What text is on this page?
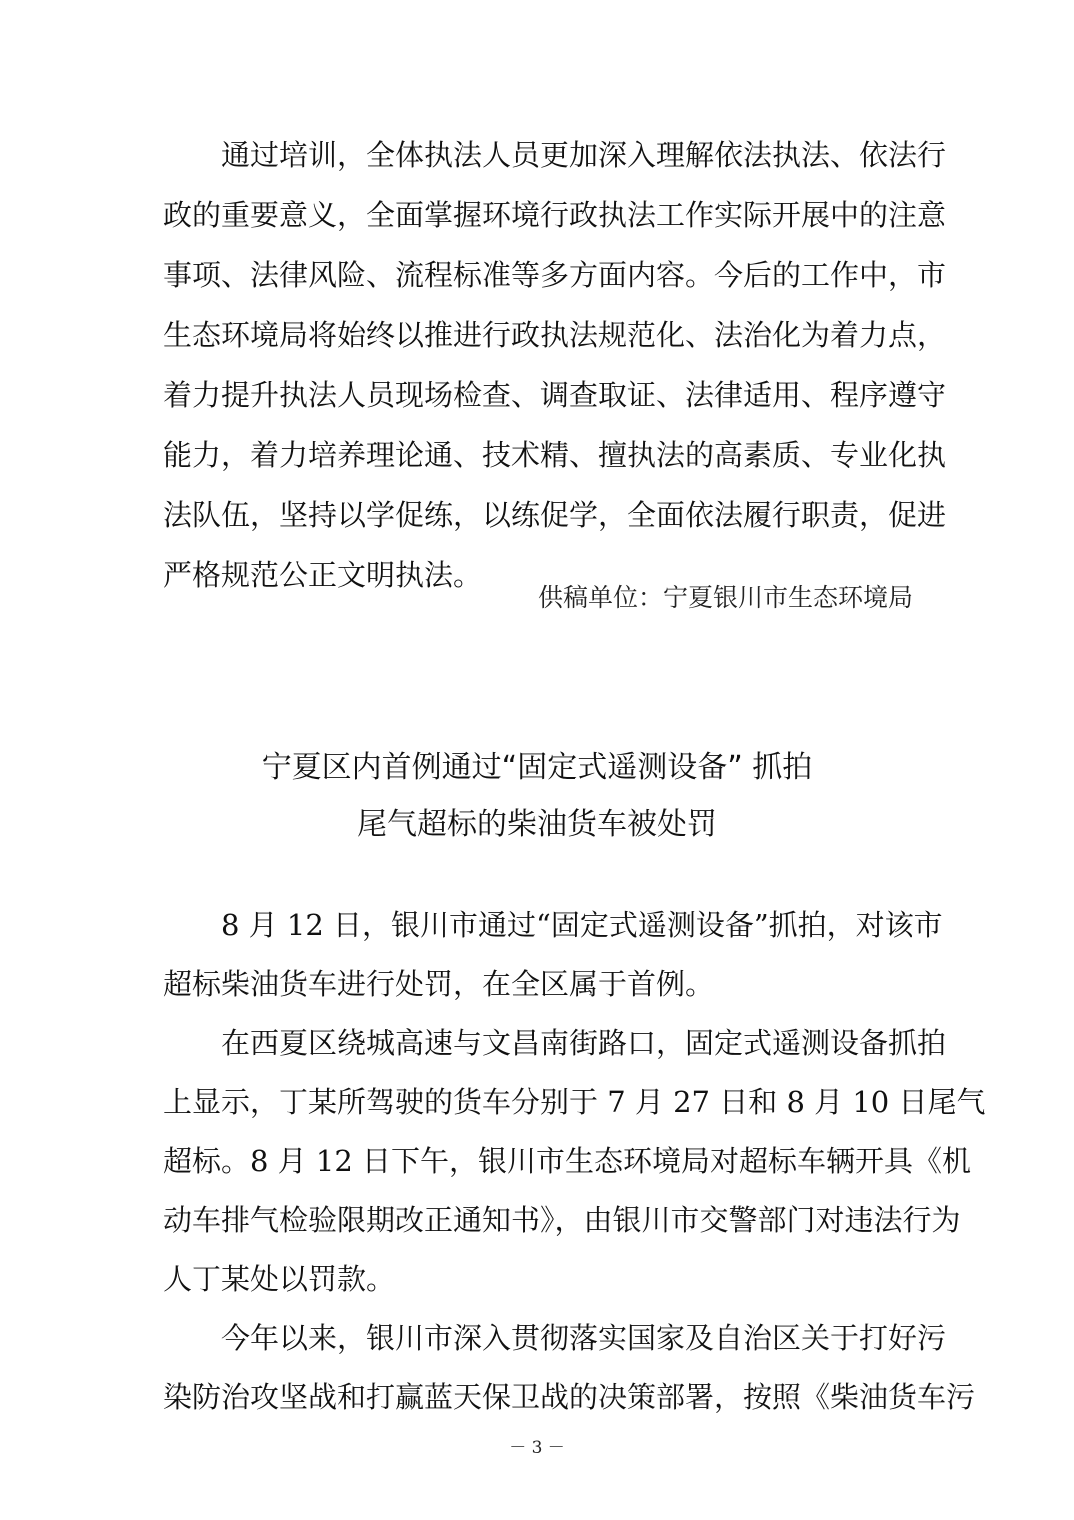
通过培训，全体执法人员更加深入理解依法执法、依法行
政的重要意义，全面掌握环境行政执法工作实际开展中的注意
事项、法律风险、流程标准等多方面内容。今后的工作中，市
生态环境局将始终以推进行政执法规范化、法治化为着力点，
着力提升执法人员现场检查、调查取证、法律适用、程序遵守
能力，着力培养理论通、技术精、擅执法的高素质、专业化执
法队伍，坚持以学促练，以练促学，全面依法履行职责，促进
严格规范公正文明执法。
供稿单位：宁夏银川市生态环境局
宁夏区内首例通过“固定式遥测设备” 抓拍
尾气超标的柴油货车被处罚
8 月 12 日，银川市通过“固定式遥测设备”抓拍，对该市
超标柴油货车进行处罚，在全区属于首例。
在西夏区绕城高速与文昌南街路口，固定式遥测设备抓拍
上显示，丁某所驾驶的货车分别于 7 月 27 日和 8 月 10 日尾气
超标。8 月 12 日下午，银川市生态环境局对超标车辆开具《机
动车排气检验限期改正通知书》，由银川市交警部门对违法行为
人丁某处以罚款。
今年以来，银川市深入贯彻落实国家及自治区关于打好污
染防治攻坚战和打赢蓝天保卫战的决策部署，按照《柴油货车污
－ 3 －
